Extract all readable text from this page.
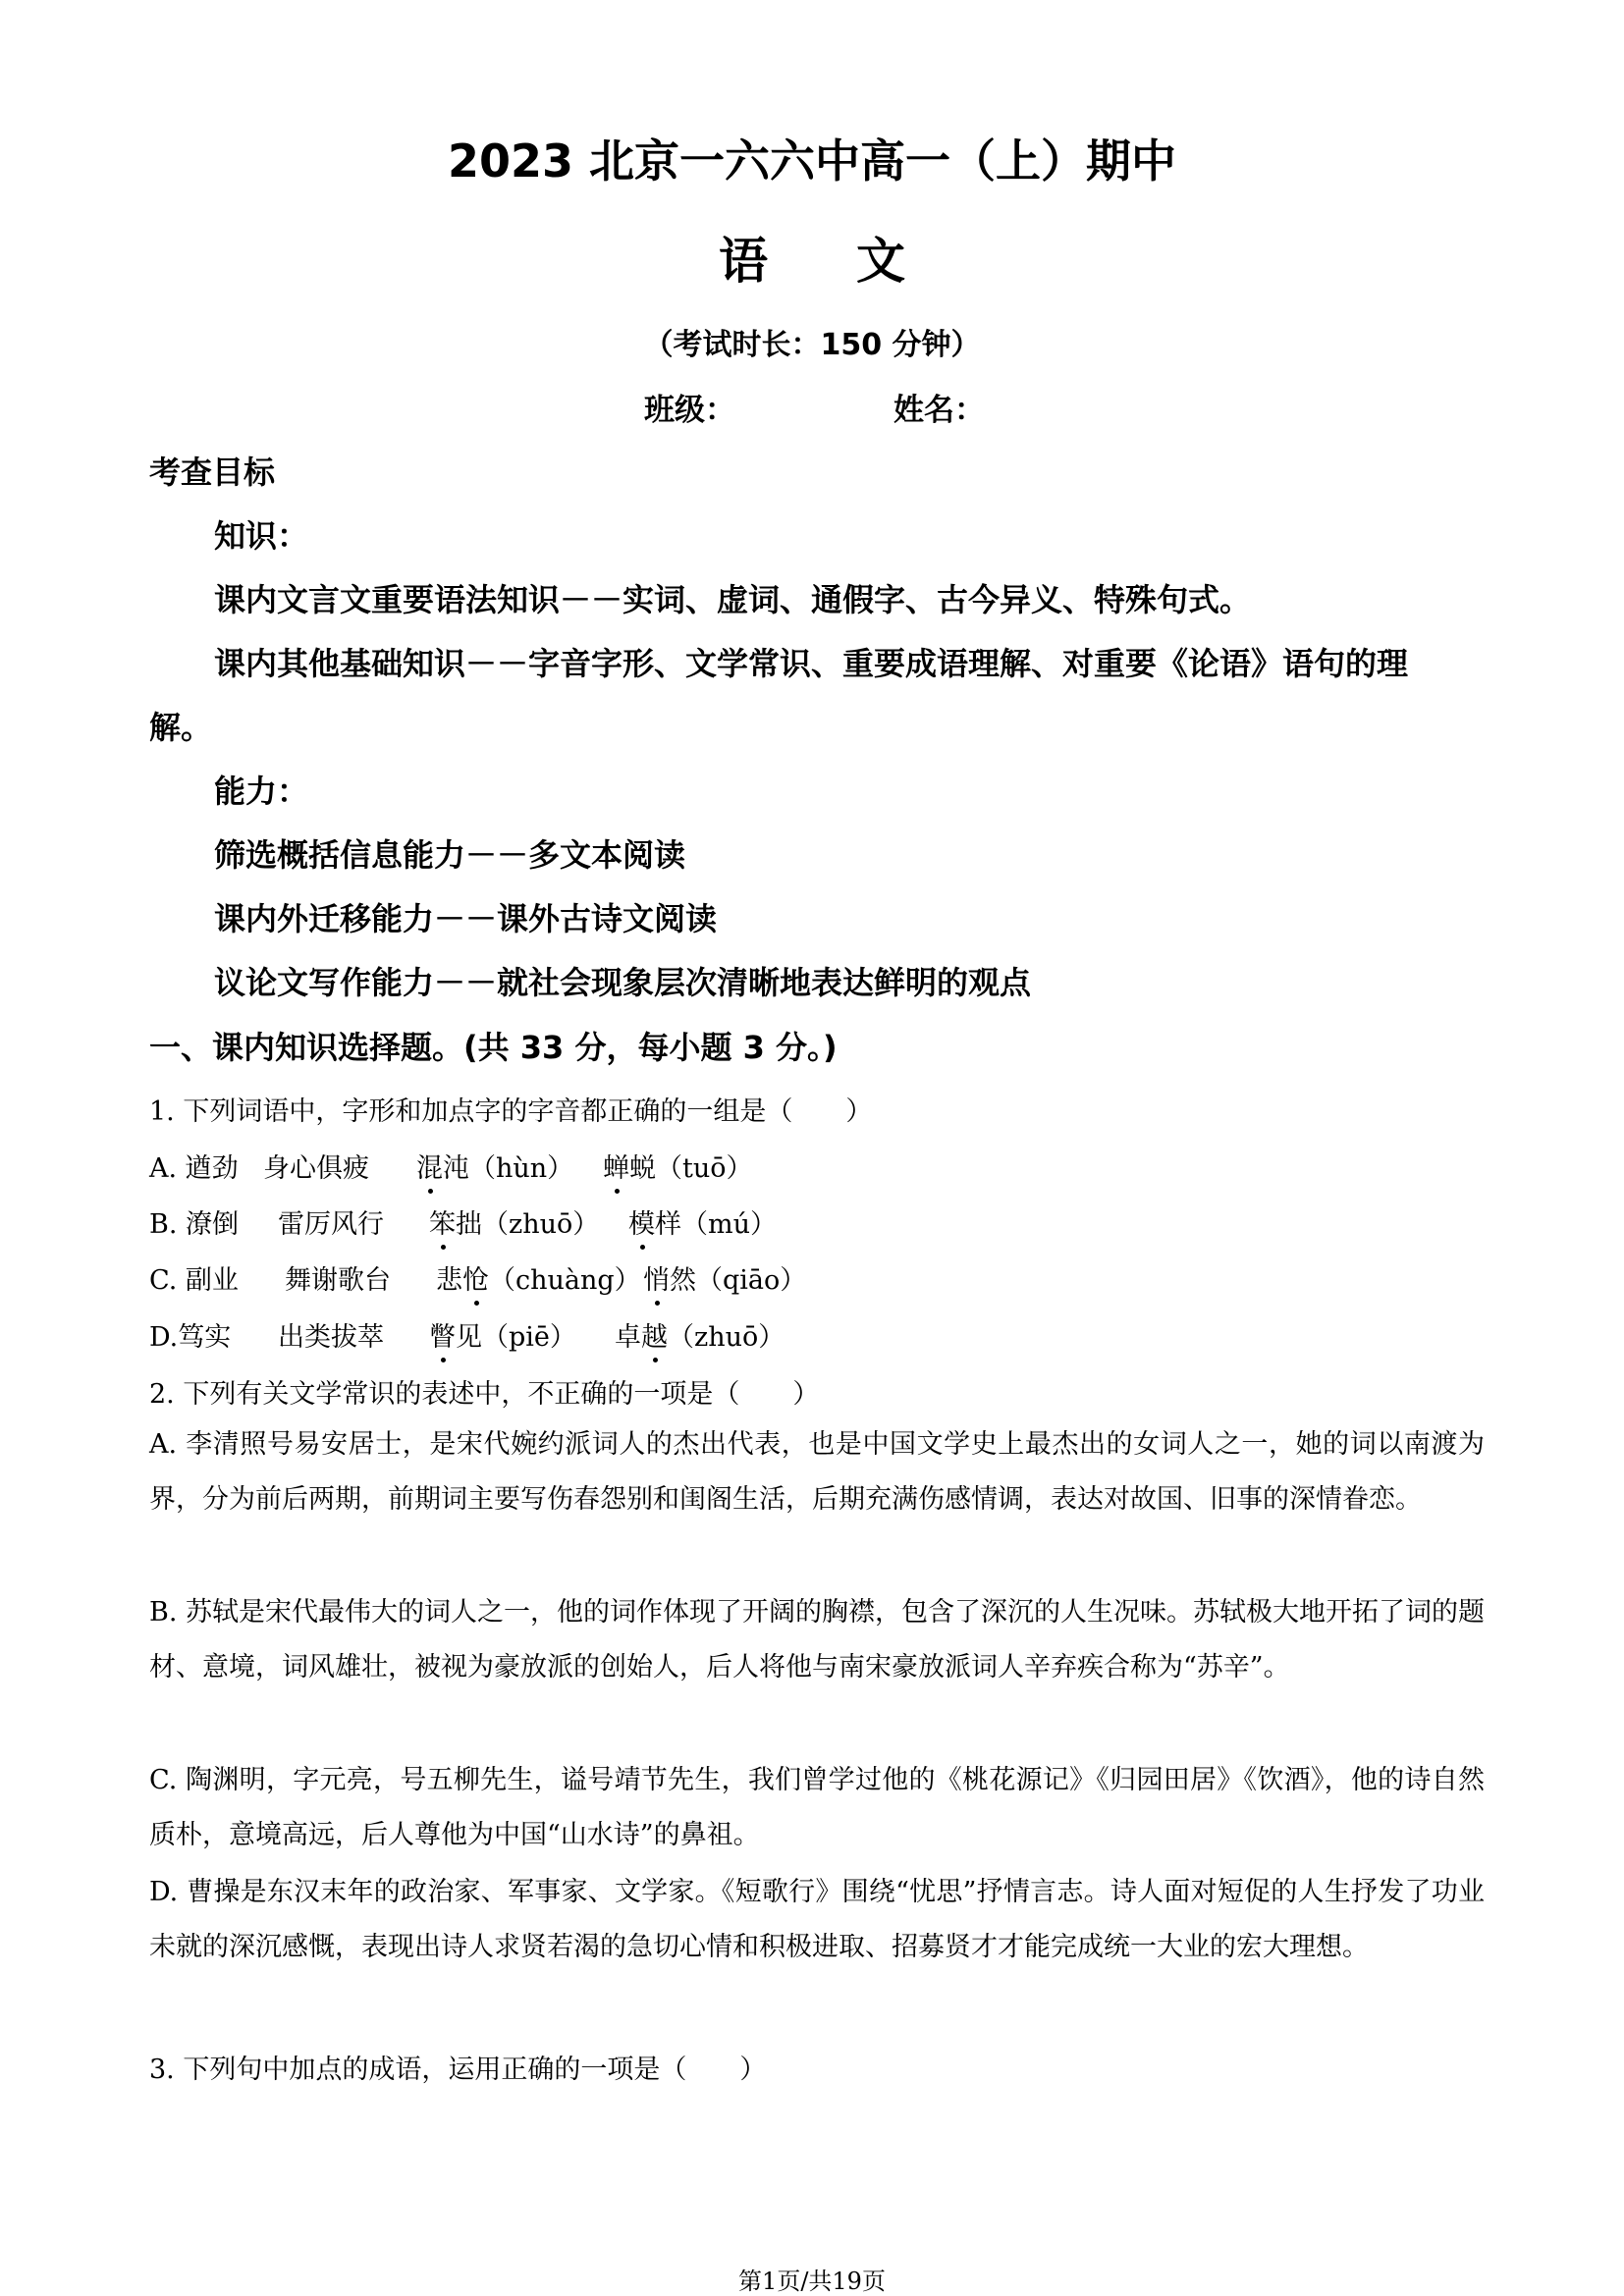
2023 北京一六六中高一（上）期中
语文
（考试时长：150 分钟）
班级：	姓名：
考查目标
知识：
课内文言文重要语法知识－－实词、虚词、通假字、古今异义、特殊句式。
课内其他基础知识－－字音字形、文学常识、重要成语理解、对重要《论语》语句的理
解。
能力：
筛选概括信息能力－－多文本阅读
课内外迁移能力－－课外古诗文阅读
议论文写作能力－－就社会现象层次清晰地表达鲜明的观点
一、课内知识选择题。(共 33 分，每小题 3 分。)
1. 下列词语中，字形和加点字的字音都正确的一组是（　　）
A. 遒劲 身心俱疲 混沌（hùn） 蝉蜕（tuō）
B. 潦倒 雷厉风行 笨拙（zhuō） 模样（mú）
C. 副业 舞谢歌台 悲怆（chuàng） 悄然（qiāo）
D.笃实 出类拔萃 瞥见（piē） 卓越（zhuō）
2. 下列有关文学常识的表述中，不正确的一项是（　　）
A. 李清照号易安居士，是宋代婉约派词人的杰出代表，也是中国文学史上最杰出的女词人之一，她的词以南渡为界，分为前后两期，前期词主要写伤春怨别和闺阁生活，后期充满伤感情调，表达对故国、旧事的深情眷恋。
B. 苏轼是宋代最伟大的词人之一，他的词作体现了开阔的胸襟，包含了深沉的人生况味。苏轼极大地开拓了词的题材、意境，词风雄壮，被视为豪放派的创始人，后人将他与南宋豪放派词人辛弃疾合称为“苏辛”。
C. 陶渊明，字元亮，号五柳先生，谥号靖节先生，我们曾学过他的《桃花源记》《归园田居》《饮酒》，他的诗自然质朴，意境高远，后人尊他为中国“山水诗”的鼻祖。
D. 曹操是东汉末年的政治家、军事家、文学家。《短歌行》围绕“忧思”抒情言志。诗人面对短促的人生抒发了功业未就的深沉感慨，表现出诗人求贤若渴的急切心情和积极进取、招募贤才才能完成统一大业的宏大理想。
3. 下列句中加点的成语，运用正确的一项是（　　）
第1页/共19页
